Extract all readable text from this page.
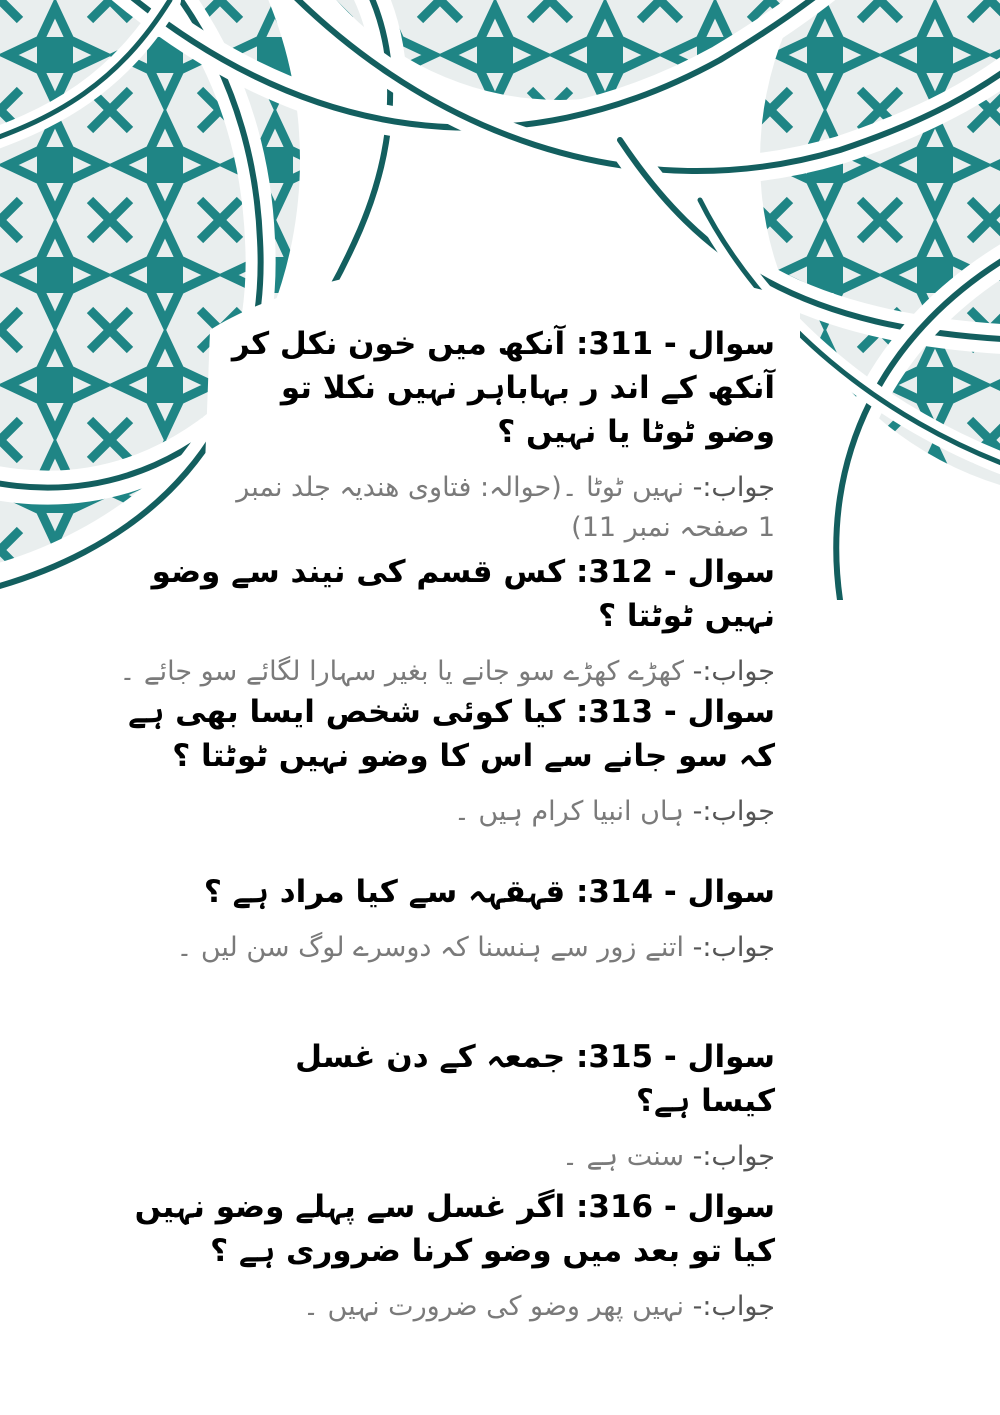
سوال - 311: آنکھ میں خون نکل کر آنکھ کے اند ر بہاباہر نہیں نکلا تو وضو ٹوٹا یا نہیں ؟

جواب:- نہیں ٹوٹا ۔(حوالہ: فتاوی ھندیہ جلد نمبر 1 صفحہ نمبر 11)

سوال - 312: کس قسم کی نیند سے وضو نہیں ٹوٹتا ؟

جواب:- کھڑے کھڑے سو جانے یا بغیر سہارا لگائے سو جائے ۔

سوال - 313: کیا کوئی شخص ایسا بھی ہے کہ سو جانے سے اس کا وضو نہیں ٹوٹتا ؟

جواب:- ہاں انبیا کرام ہیں ۔

سوال - 314: قہقہہ سے کیا مراد ہے ؟

جواب:- اتنے زور سے ہنسنا کہ دوسرے لوگ سن لیں ۔

سوال - 315: جمعہ کے دن غسل کیسا ہے؟

جواب:- سنت ہے ۔

سوال - 316: اگر غسل سے پہلے وضو نہیں کیا تو بعد میں وضو کرنا ضروری ہے ؟

جواب:- نہیں پھر وضو کی ضرورت نہیں ۔
